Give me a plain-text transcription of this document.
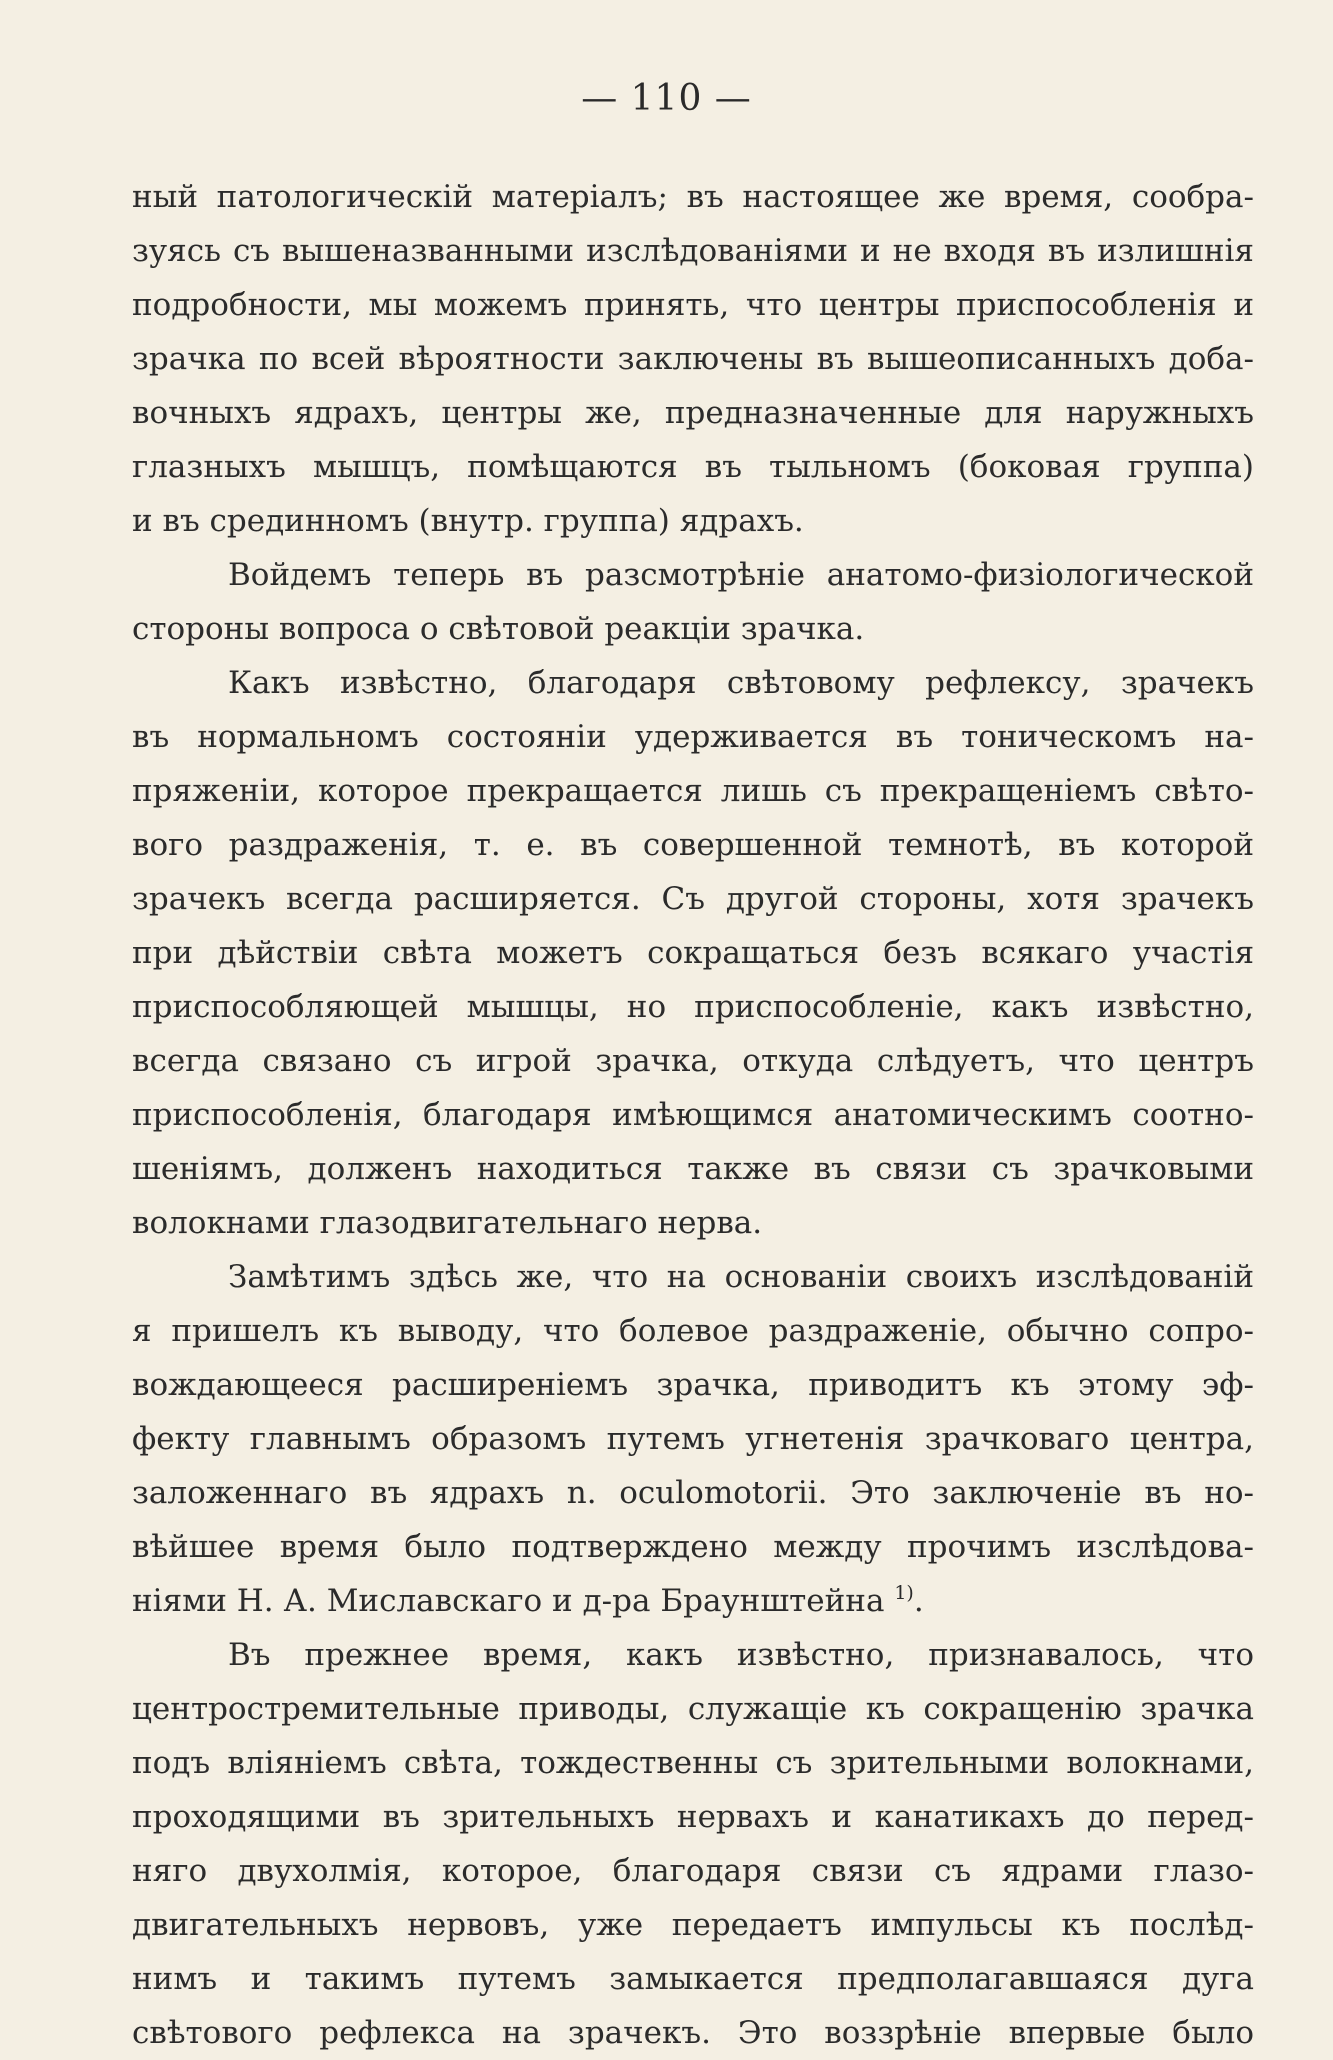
— 110 —
ный патологическій матеріалъ; въ настоящее же время, сообра-
зуясь съ вышеназванными изслѣдованіями и не входя въ излишнія
подробности, мы можемъ принять, что центры приспособленія и
зрачка по всей вѣроятности заключены въ вышеописанныхъ доба-
вочныхъ ядрахъ, центры же, предназначенные для наружныхъ
глазныхъ мышцъ, помѣщаются въ тыльномъ (боковая группа)
и въ срединномъ (внутр. группа) ядрахъ.
Войдемъ теперь въ разсмотрѣніе анатомо-физіологической
стороны вопроса о свѣтовой реакціи зрачка.
Какъ извѣстно, благодаря свѣтовому рефлексу, зрачекъ
въ нормальномъ состояніи удерживается въ тоническомъ на-
пряженіи, которое прекращается лишь съ прекращеніемъ свѣто-
вого раздраженія, т. е. въ совершенной темнотѣ, въ которой
зрачекъ всегда расширяется. Съ другой стороны, хотя зрачекъ
при дѣйствіи свѣта можетъ сокращаться безъ всякаго участія
приспособляющей мышцы, но приспособленіе, какъ извѣстно,
всегда связано съ игрой зрачка, откуда слѣдуетъ, что центръ
приспособленія, благодаря имѣющимся анатомическимъ соотно-
шеніямъ, долженъ находиться также въ связи съ зрачковыми
волокнами глазодвигательнаго нерва.
Замѣтимъ здѣсь же, что на основаніи своихъ изслѣдованій
я пришелъ къ выводу, что болевое раздраженіе, обычно сопро-
вождающееся расширеніемъ зрачка, приводитъ къ этому эф-
фекту главнымъ образомъ путемъ угнетенія зрачковаго центра,
заложеннаго въ ядрахъ n. oculomotorii. Это заключеніе въ но-
вѣйшее время было подтверждено между прочимъ изслѣдова-
ніями Н. А. Миславскаго и д-ра Браунштейна $^{1)}$.
Въ прежнее время, какъ извѣстно, признавалось, что
центростремительные приводы, служащіе къ сокращенію зрачка
подъ вліяніемъ свѣта, тождественны съ зрительными волокнами,
проходящими въ зрительныхъ нервахъ и канатикахъ до перед-
няго двухолмія, которое, благодаря связи съ ядрами глазо-
двигательныхъ нервовъ, уже передаетъ импульсы къ послѣд-
нимъ и такимъ путемъ замыкается предполагавшаяся дуга
свѣтового рефлекса на зрачекъ. Это воззрѣніе впервые было
